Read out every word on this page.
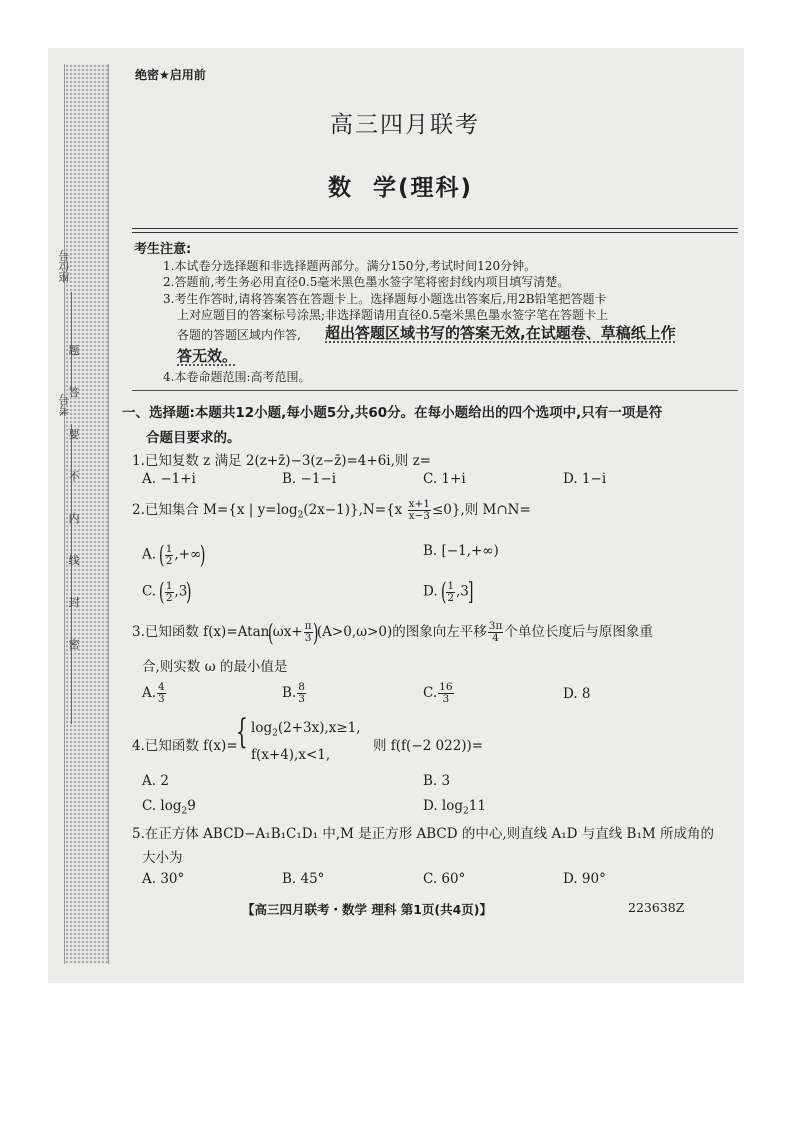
座位号
考号
题
答
要
不
内
线
封
密
绝密★启用前
高三四月联考
数  学(理科)
考生注意:
1.本试卷分选择题和非选择题两部分。满分150分,考试时间120分钟。
2.答题前,考生务必用直径0.5毫米黑色墨水签字笔将密封线内项目填写清楚。
3.考生作答时,请将答案答在答题卡上。选择题每小题选出答案后,用2B铅笔把答题卡
上对应题目的答案标号涂黑;非选择题请用直径0.5毫米黑色墨水签字笔在答题卡上
各题的答题区域内作答, 超出答题区域书写的答案无效,在试题卷、草稿纸上作
答无效。
4.本卷命题范围:高考范围。
一、选择题:本题共12小题,每小题5分,共60分。在每小题给出的四个选项中,只有一项是符
合题目要求的。
1.已知复数 z 满足 2(z+z̄)−3(z−z̄)=4+6i,则 z=
A. −1+i	B. −1−i	C. 1+i	D. 1−i
2.已知集合 M={x | $y=\log_2(2x-1)\},N=\{x \frac{x+1}{x-3} \le 0\}$,则 M∩N=
A. ( $\frac{1}{2}$ ,+∞)	B. [−1,+∞)
C. ( $\frac{1}{2} ,3$)	D. ( $\frac{1}{2} ,3$]
3.已知函数 $f(x)=Atan(\omega x+ \frac{\pi}{3} )(A>0,\omega>0)$的图象向左平移 $\frac{3\pi}{4}$ 个单位长度后与原图象重
合,则实数 ω 的最小值是
A. $\frac{4}{3}$	B. $\frac{8}{3}$	C. $\frac{16}{3}$	D. 8
4.已知函数 f(x)=
{ $\log_2(2+3x),x\ge 1$,
f(x+4),x<1,
则 f(f(−2 022))=
A. 2	B. 3
C. $\log_29$	D. $\log_211$
5.在正方体 ABCD−A₁B₁C₁D₁ 中,M 是正方形 ABCD 的中心,则直线 A₁D 与直线 B₁M 所成角的
大小为
A. 30°	B. 45°	C. 60°	D. 90°
【高三四月联考・数学 理科 第1页(共4页)】	223638Z
